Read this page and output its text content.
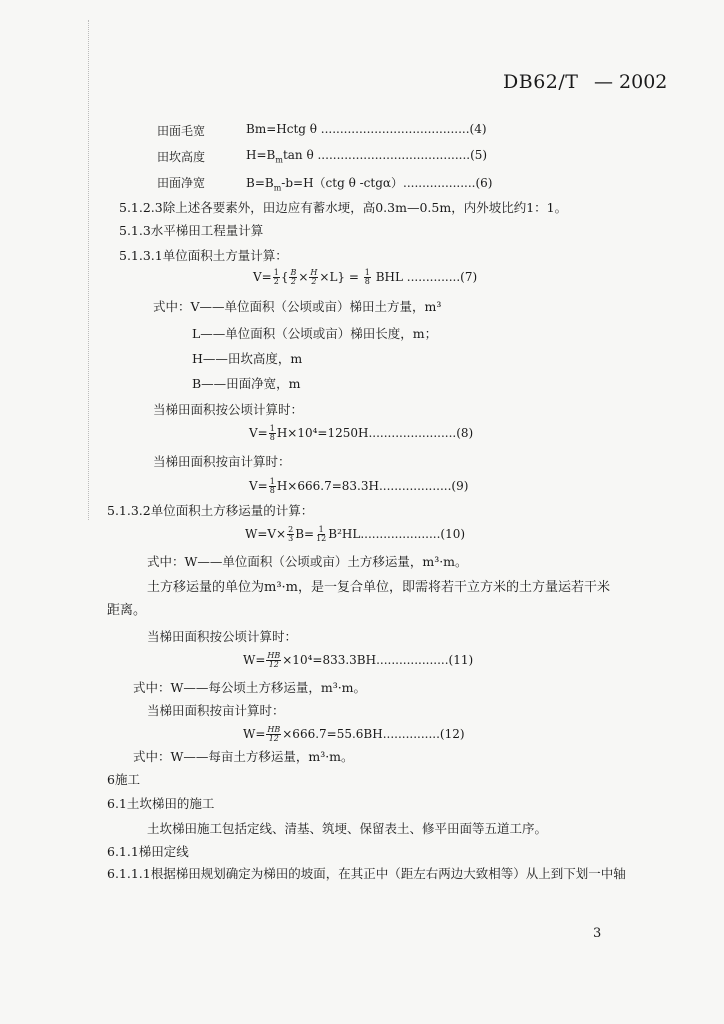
DB62/T — 2002
田面毛宽	Bm=Hctg θ .......................................(4)
田坎高度	$H=B_m\tan$ θ ........................................(5)
田面净宽	$B=B_m-b=H(ctg$ θ -ctgα）...................(6)
5.1.2.3除上述各要素外，田边应有蓄水埂，高0.3m—0.5m，内外坡比约1：1。
5.1.3水平梯田工程量计算
5.1.3.1单位面积土方量计算：
$V= \frac{1}{2}$ { $\frac{B}{2} \times \frac{H}{2} \times L\} = \frac{1}{8}$ BHL ..............(7)
式中：V——单位面积（公顷或亩）梯田土方量，m³
L——单位面积（公顷或亩）梯田长度，m；
H——田坎高度，m
B——田面净宽，m
当梯田面积按公顷计算时：
$V= \frac{1}{8} H\times 10^4=1250H.......................(8)$
当梯田面积按亩计算时：
$V= \frac{1}{8} H\times 666.7=83.3H...................(9)$
5.1.3.2单位面积土方移运量的计算：
$W=V\times \frac{2}{3} B= \frac{1}{12} B^2HL.....................(10)$
式中：W——单位面积（公顷或亩）土方移运量，m³·m。
土方移运量的单位为m³·m，是一复合单位，即需将若干立方米的土方量运若干米
距离。
当梯田面积按公顷计算时：
$W= \frac{HB}{12} \times 10^4=833.3BH...................(11)$
式中：W——每公顷土方移运量，m³·m。
当梯田面积按亩计算时：
$W= \frac{HB}{12} \times 666.7=55.6BH...............(12)$
式中：W——每亩土方移运量，m³·m。
6施工
6.1土坎梯田的施工
土坎梯田施工包括定线、清基、筑埂、保留表土、修平田面等五道工序。
6.1.1梯田定线
6.1.1.1根据梯田规划确定为梯田的坡面，在其正中（距左右两边大致相等）从上到下划一中轴
3
